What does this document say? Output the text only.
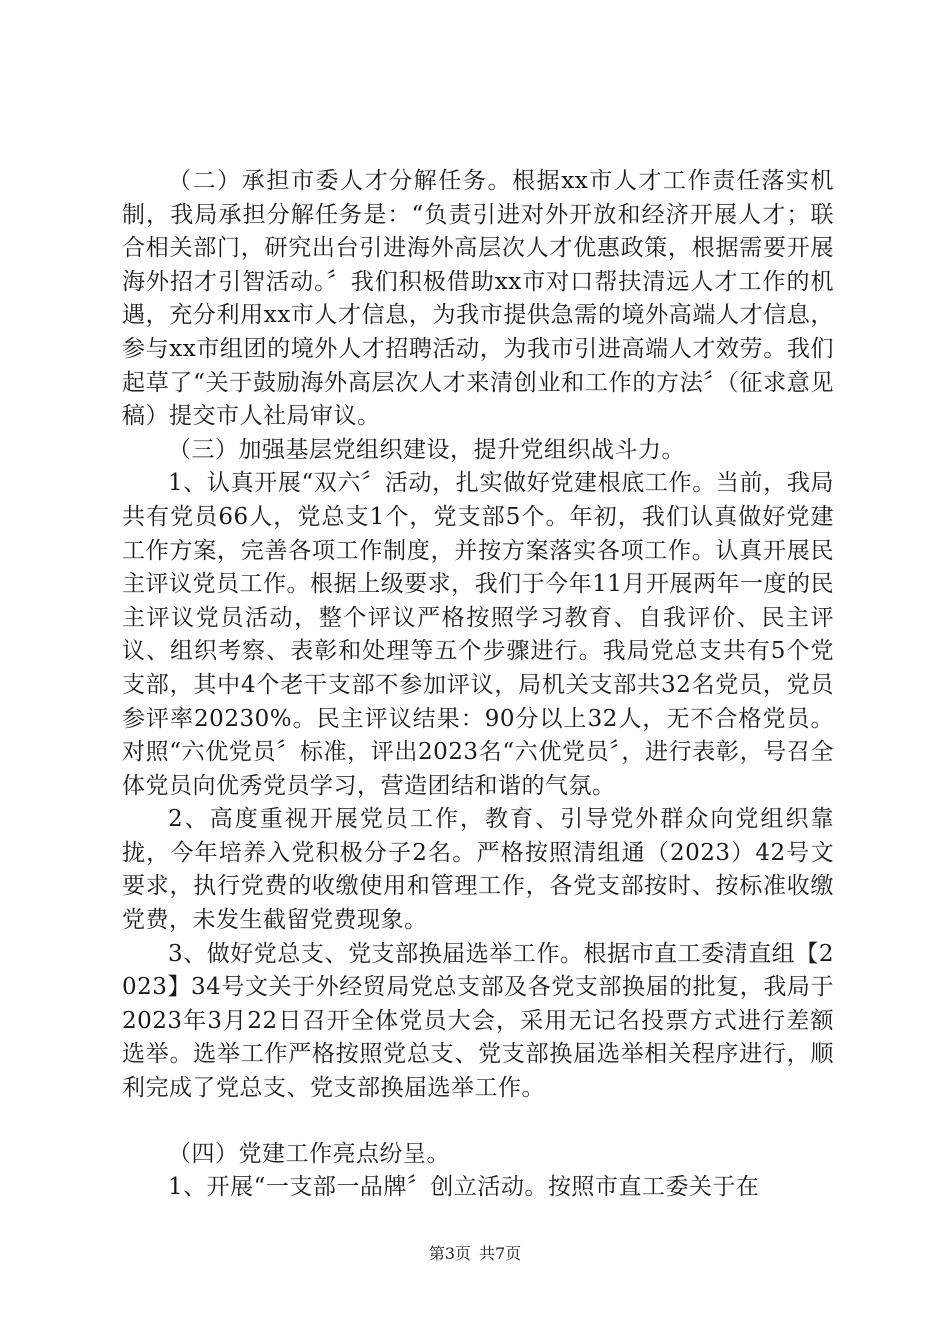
（二）承担市委人才分解任务。根据xx市人才工作责任落实机制，我局承担分解任务是：“负责引进对外开放和经济开展人才；联合相关部门，研究出台引进海外高层次人才优惠政策，根据需要开展海外招才引智活动。〞我们积极借助xx市对口帮扶清远人才工作的机遇，充分利用xx市人才信息，为我市提供急需的境外高端人才信息，参与xx市组团的境外人才招聘活动，为我市引进高端人才效劳。我们起草了“关于鼓励海外高层次人才来清创业和工作的方法〞（征求意见稿）提交市人社局审议。

（三）加强基层党组织建设，提升党组织战斗力。

1、认真开展“双六〞活动，扎实做好党建根底工作。当前，我局共有党员66人，党总支1个，党支部5个。年初，我们认真做好党建工作方案，完善各项工作制度，并按方案落实各项工作。认真开展民主评议党员工作。根据上级要求，我们于今年11月开展两年一度的民主评议党员活动，整个评议严格按照学习教育、自我评价、民主评议、组织考察、表彰和处理等五个步骤进行。我局党总支共有5个党支部，其中4个老干支部不参加评议，局机关支部共32名党员，党员参评率20230%。民主评议结果：90分以上32人，无不合格党员。对照“六优党员〞标准，评出2023名“六优党员〞，进行表彰，号召全体党员向优秀党员学习，营造团结和谐的气氛。

2、高度重视开展党员工作，教育、引导党外群众向党组织靠拢，今年培养入党积极分子2名。严格按照清组通（2023）42号文要求，执行党费的收缴使用和管理工作，各党支部按时、按标准收缴党费，未发生截留党费现象。

3、做好党总支、党支部换届选举工作。根据市直工委清直组【2023】34号文关于外经贸局党总支部及各党支部换届的批复，我局于2023年3月22日召开全体党员大会，采用无记名投票方式进行差额选举。选举工作严格按照党总支、党支部换届选举相关程序进行，顺利完成了党总支、党支部换届选举工作。

（四）党建工作亮点纷呈。

1、开展“一支部一品牌〞创立活动。按照市直工委关于在

第3页 共7页
